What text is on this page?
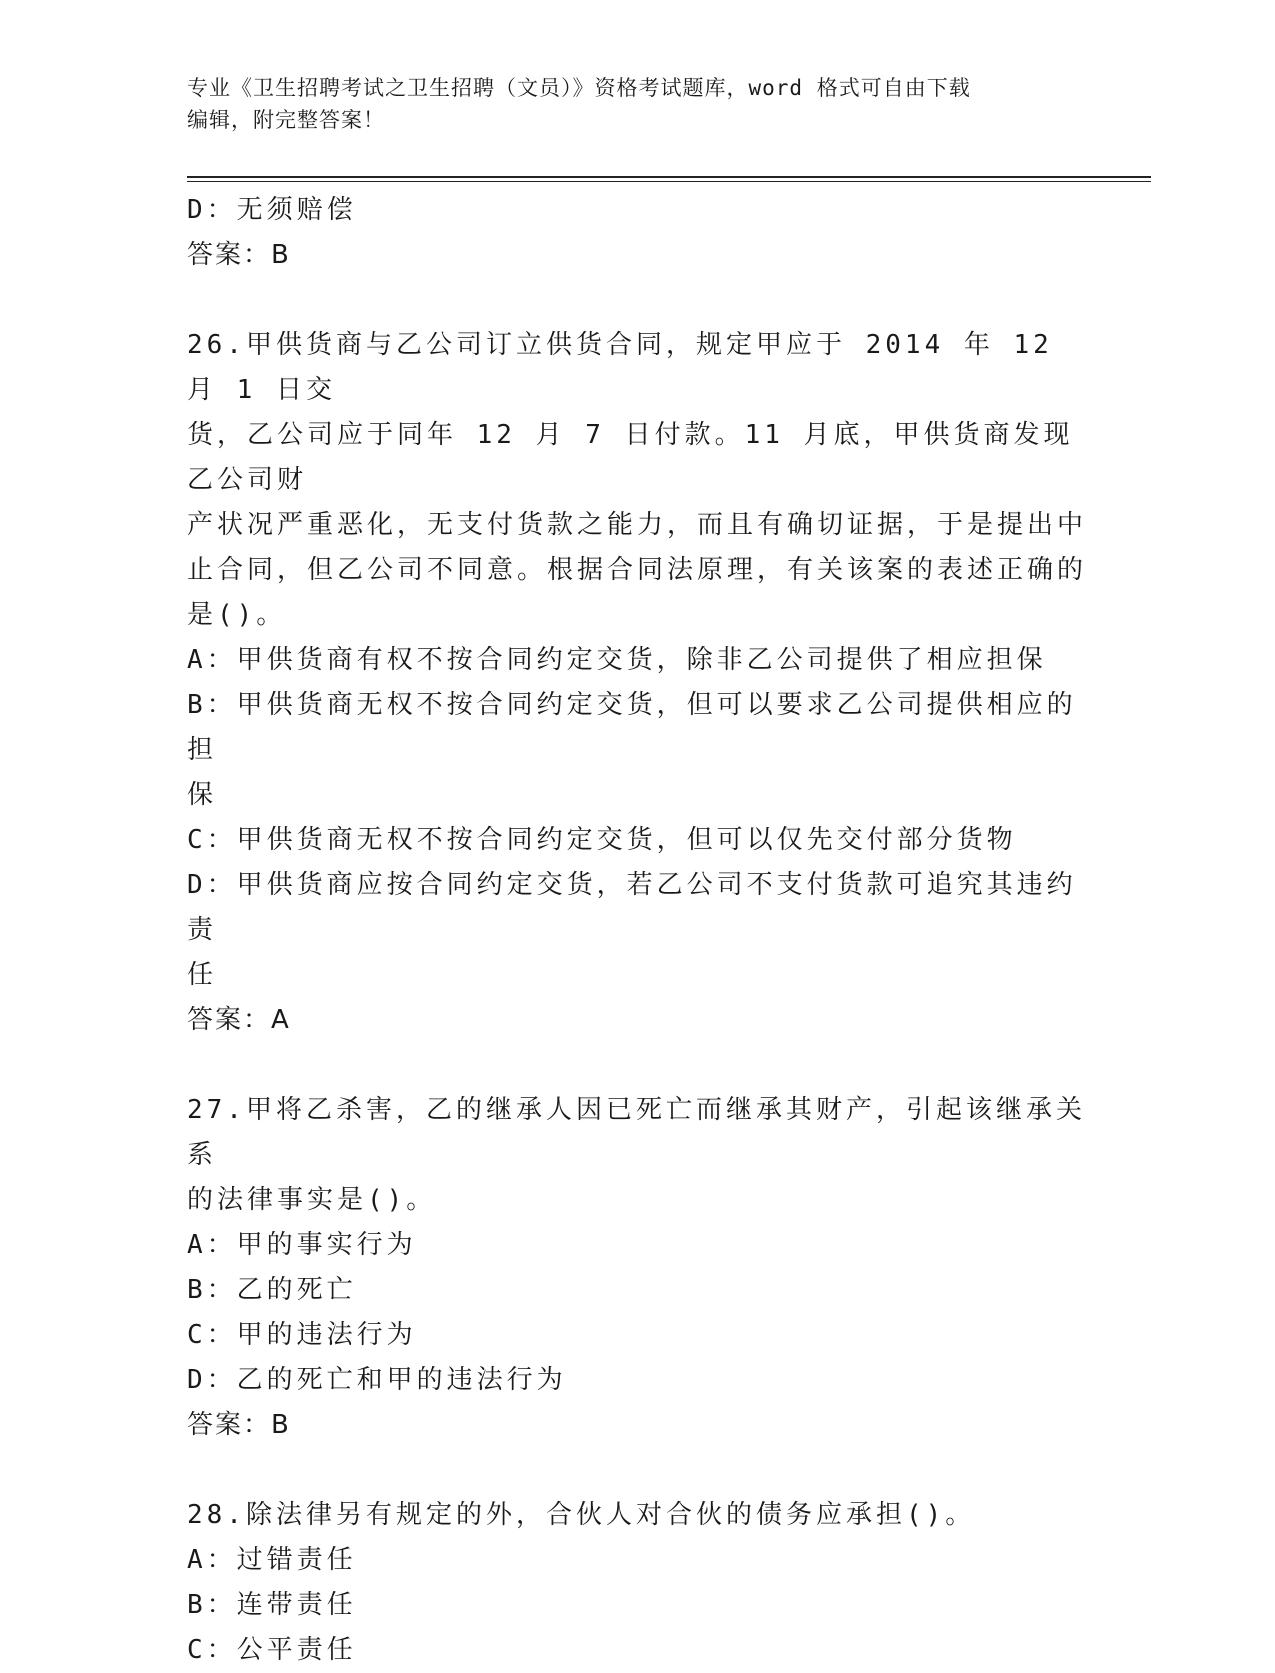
专业《卫生招聘考试之卫生招聘（文员）》资格考试题库，word 格式可自由下载

编辑，附完整答案！

D：无须赔偿

答案：B

26.甲供货商与乙公司订立供货合同，规定甲应于 2014 年 12 月 1 日交

货，乙公司应于同年 12 月 7 日付款。11 月底，甲供货商发现乙公司财

产状况严重恶化，无支付货款之能力，而且有确切证据，于是提出中

止合同，但乙公司不同意。根据合同法原理，有关该案的表述正确的

是()。

A：甲供货商有权不按合同约定交货，除非乙公司提供了相应担保

B：甲供货商无权不按合同约定交货，但可以要求乙公司提供相应的担

保

C：甲供货商无权不按合同约定交货，但可以仅先交付部分货物

D：甲供货商应按合同约定交货，若乙公司不支付货款可追究其违约责

任

答案：A

27.甲将乙杀害，乙的继承人因已死亡而继承其财产，引起该继承关系

的法律事实是()。

A：甲的事实行为

B：乙的死亡

C：甲的违法行为

D：乙的死亡和甲的违法行为

答案：B

28.除法律另有规定的外，合伙人对合伙的债务应承担()。

A：过错责任

B：连带责任

C：公平责任
